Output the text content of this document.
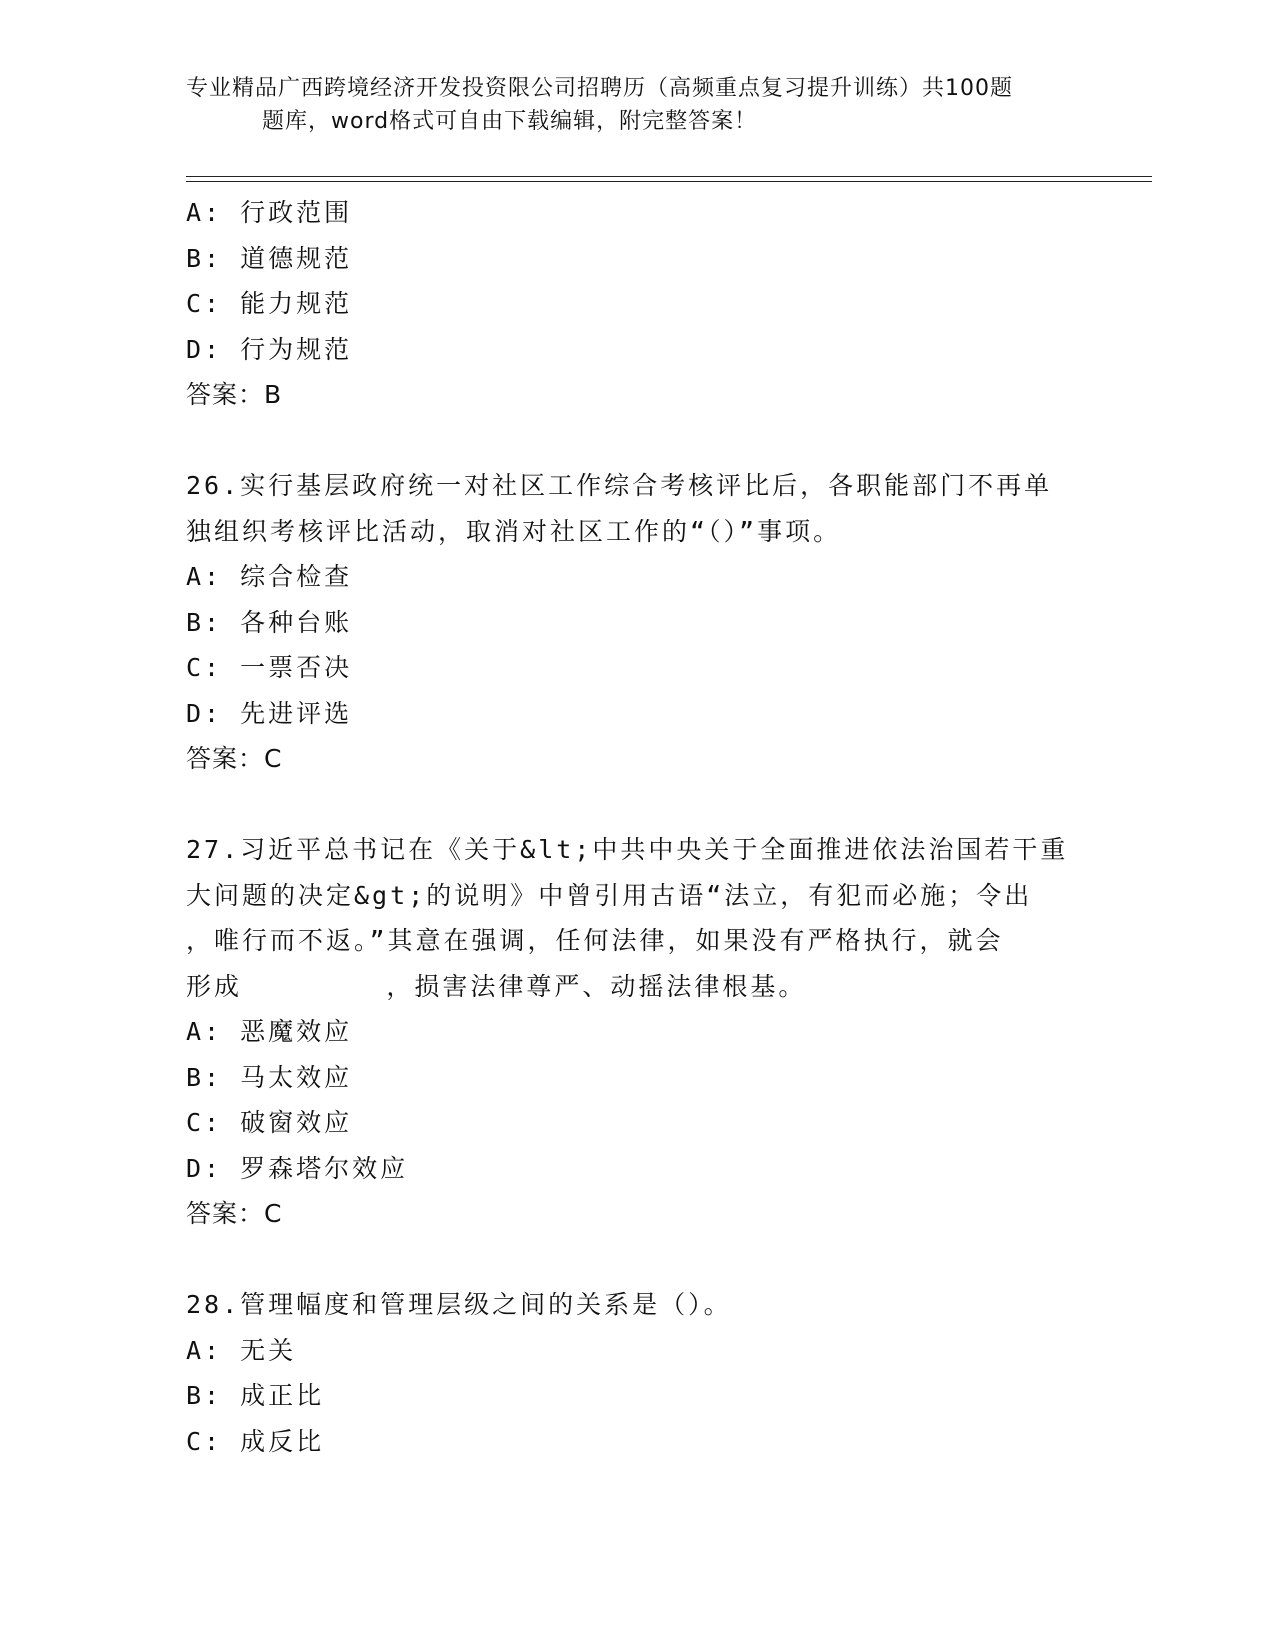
专业精品广西跨境经济开发投资限公司招聘历（高频重点复习提升训练）共100题
题库，word格式可自由下载编辑，附完整答案！
A: 行政范围
B: 道德规范
C: 能力规范
D: 行为规范
答案：B
26.实行基层政府统一对社区工作综合考核评比后，各职能部门不再单
独组织考核评比活动，取消对社区工作的“（）”事项。
A: 综合检查
B: 各种台账
C: 一票否决
D: 先进评选
答案：C
27.习近平总书记在《关于&lt;中共中央关于全面推进依法治国若干重
大问题的决定&gt;的说明》中曾引用古语“法立，有犯而必施；令出
，唯行而不返。”其意在强调，任何法律，如果没有严格执行，就会
形成        ，损害法律尊严、动摇法律根基。
A: 恶魔效应
B: 马太效应
C: 破窗效应
D: 罗森塔尔效应
答案：C
28.管理幅度和管理层级之间的关系是（）。
A: 无关
B: 成正比
C: 成反比
